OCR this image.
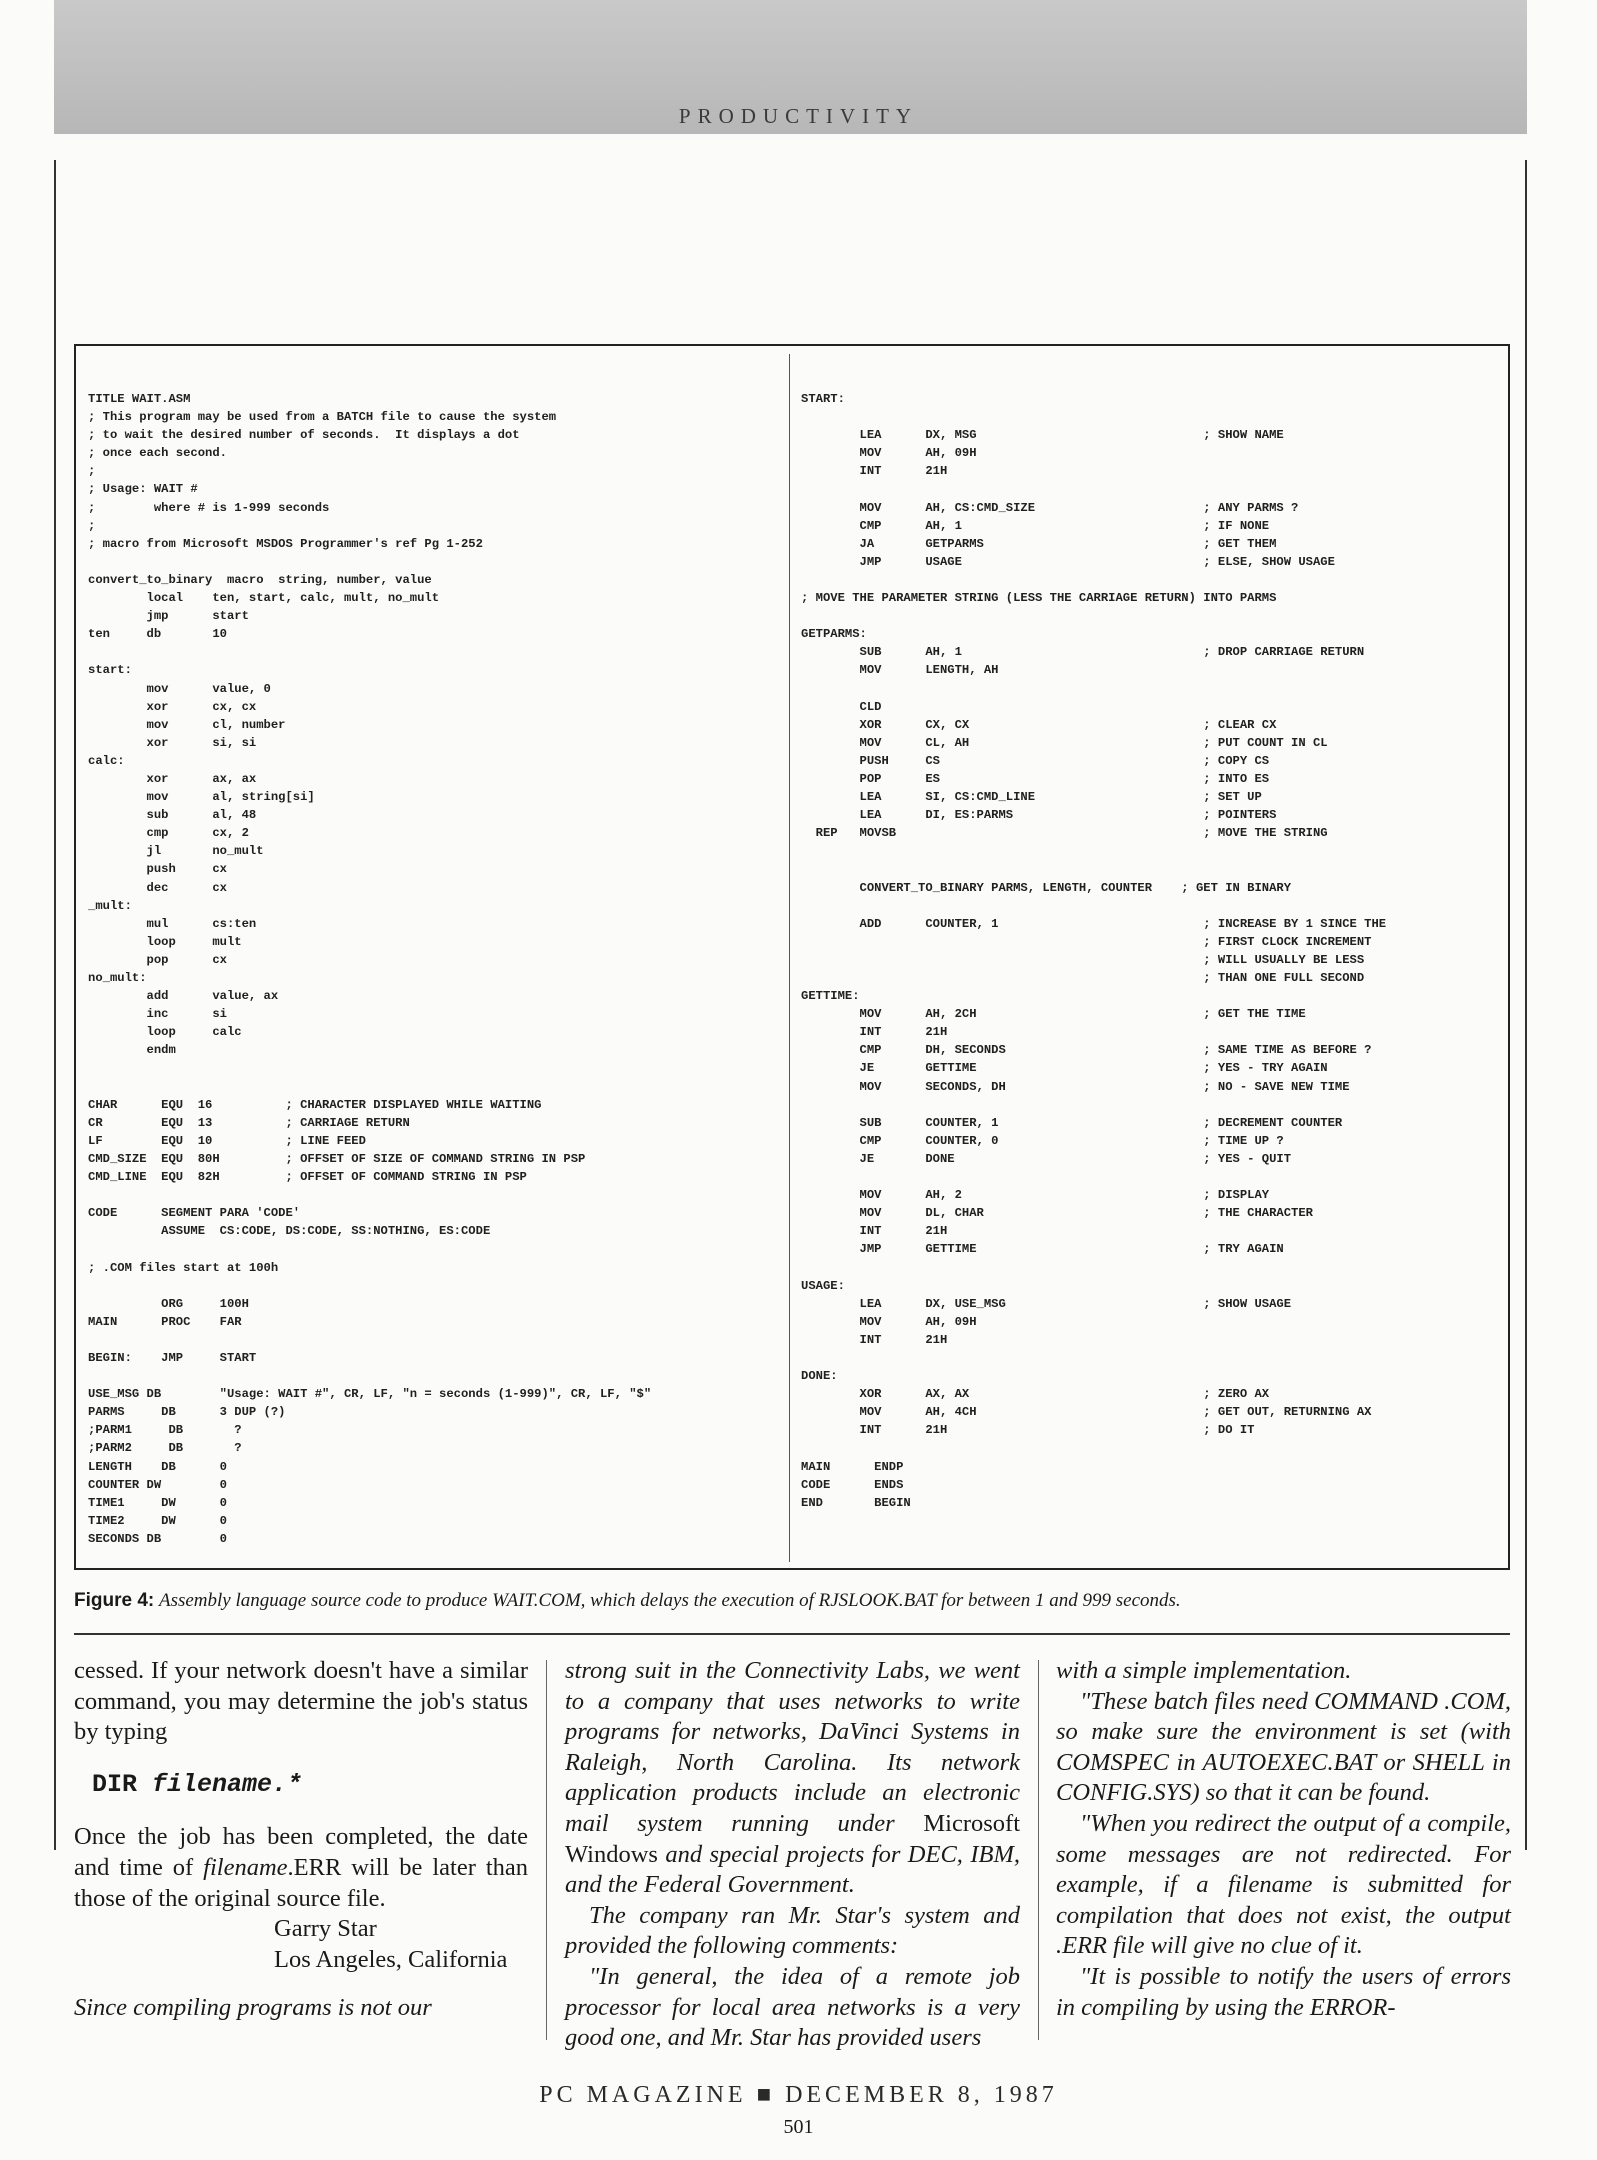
PRODUCTIVITY
TITLE WAIT.ASM
; This program may be used from a BATCH file to cause the system
; to wait the desired number of seconds.  It displays a dot
; once each second.
;
; Usage: WAIT #
;        where # is 1-999 seconds
;
; macro from Microsoft MSDOS Programmer's ref Pg 1-252

convert_to_binary  macro  string, number, value
local    ten, start, calc, mult, no_mult
jmp      start
ten     db       10

start:
mov      value, 0
xor      cx, cx
mov      cl, number
xor      si, si
calc:
xor      ax, ax
mov      al, string[si]
sub      al, 48
cmp      cx, 2
jl       no_mult
push     cx
dec      cx
_mult:
mul      cs:ten
loop     mult
pop      cx
no_mult:
add      value, ax
inc      si
loop     calc
endm

CHAR      EQU  16          ; CHARACTER DISPLAYED WHILE WAITING
CR        EQU  13          ; CARRIAGE RETURN
LF        EQU  10          ; LINE FEED
CMD_SIZE  EQU  80H         ; OFFSET OF SIZE OF COMMAND STRING IN PSP
CMD_LINE  EQU  82H         ; OFFSET OF COMMAND STRING IN PSP

CODE      SEGMENT PARA 'CODE'
ASSUME  CS:CODE, DS:CODE, SS:NOTHING, ES:CODE

; .COM files start at 100h

ORG     100H
MAIN      PROC    FAR

BEGIN:    JMP     START

USE_MSG DB        "Usage: WAIT #", CR, LF, "n = seconds (1-999)", CR, LF, "$"
PARMS     DB      3 DUP (?)
;PARM1     DB       ?
;PARM2     DB       ?
LENGTH    DB      0
COUNTER DW        0
TIME1     DW      0
TIME2     DW      0
SECONDS DB        0
START:

LEA      DX, MSG                               ; SHOW NAME
MOV      AH, 09H
INT      21H

MOV      AH, CS:CMD_SIZE                       ; ANY PARMS ?
CMP      AH, 1                                 ; IF NONE
JA       GETPARMS                              ; GET THEM
JMP      USAGE                                 ; ELSE, SHOW USAGE

; MOVE THE PARAMETER STRING (LESS THE CARRIAGE RETURN) INTO PARMS

GETPARMS:
SUB      AH, 1                                 ; DROP CARRIAGE RETURN
MOV      LENGTH, AH

CLD
XOR      CX, CX                                ; CLEAR CX
MOV      CL, AH                                ; PUT COUNT IN CL
PUSH     CS                                    ; COPY CS
POP      ES                                    ; INTO ES
LEA      SI, CS:CMD_LINE                       ; SET UP
LEA      DI, ES:PARMS                          ; POINTERS
REP   MOVSB                                          ; MOVE THE STRING

CONVERT_TO_BINARY PARMS, LENGTH, COUNTER    ; GET IN BINARY

ADD      COUNTER, 1                            ; INCREASE BY 1 SINCE THE
; FIRST CLOCK INCREMENT
; WILL USUALLY BE LESS
; THAN ONE FULL SECOND
GETTIME:
MOV      AH, 2CH                               ; GET THE TIME
INT      21H
CMP      DH, SECONDS                           ; SAME TIME AS BEFORE ?
JE       GETTIME                               ; YES - TRY AGAIN
MOV      SECONDS, DH                           ; NO - SAVE NEW TIME

SUB      COUNTER, 1                            ; DECREMENT COUNTER
CMP      COUNTER, 0                            ; TIME UP ?
JE       DONE                                  ; YES - QUIT

MOV      AH, 2                                 ; DISPLAY
MOV      DL, CHAR                              ; THE CHARACTER
INT      21H
JMP      GETTIME                               ; TRY AGAIN

USAGE:
LEA      DX, USE_MSG                           ; SHOW USAGE
MOV      AH, 09H
INT      21H

DONE:
XOR      AX, AX                                ; ZERO AX
MOV      AH, 4CH                               ; GET OUT, RETURNING AX
INT      21H                                   ; DO IT

MAIN      ENDP
CODE      ENDS
END       BEGIN
Figure 4: Assembly language source code to produce WAIT.COM, which delays the execution of RJSLOOK.BAT for between 1 and 999 seconds.

cessed. If your network doesn't have a similar command, you may determine the job's status by typing

DIR filename.*

Once the job has been completed, the date and time of filename.ERR will be later than those of the original source file.

Garry Star

Los Angeles, California

Since compiling programs is not our

strong suit in the Connectivity Labs, we went to a company that uses networks to write programs for networks, DaVinci Systems in Raleigh, North Carolina. Its network application products include an electronic mail system running under Microsoft Windows and special projects for DEC, IBM, and the Federal Government.

The company ran Mr. Star's system and provided the following comments:

"In general, the idea of a remote job processor for local area networks is a very good one, and Mr. Star has provided users

with a simple implementation.

"These batch files need COMMAND .COM, so make sure the environment is set (with COMSPEC in AUTOEXEC.BAT or SHELL in CONFIG.SYS) so that it can be found.

"When you redirect the output of a compile, some messages are not redirected. For example, if a filename is submitted for compilation that does not exist, the output .ERR file will give no clue of it.

"It is possible to notify the users of errors in compiling by using the ERROR-

PC MAGAZINE ■ DECEMBER 8, 1987
501
